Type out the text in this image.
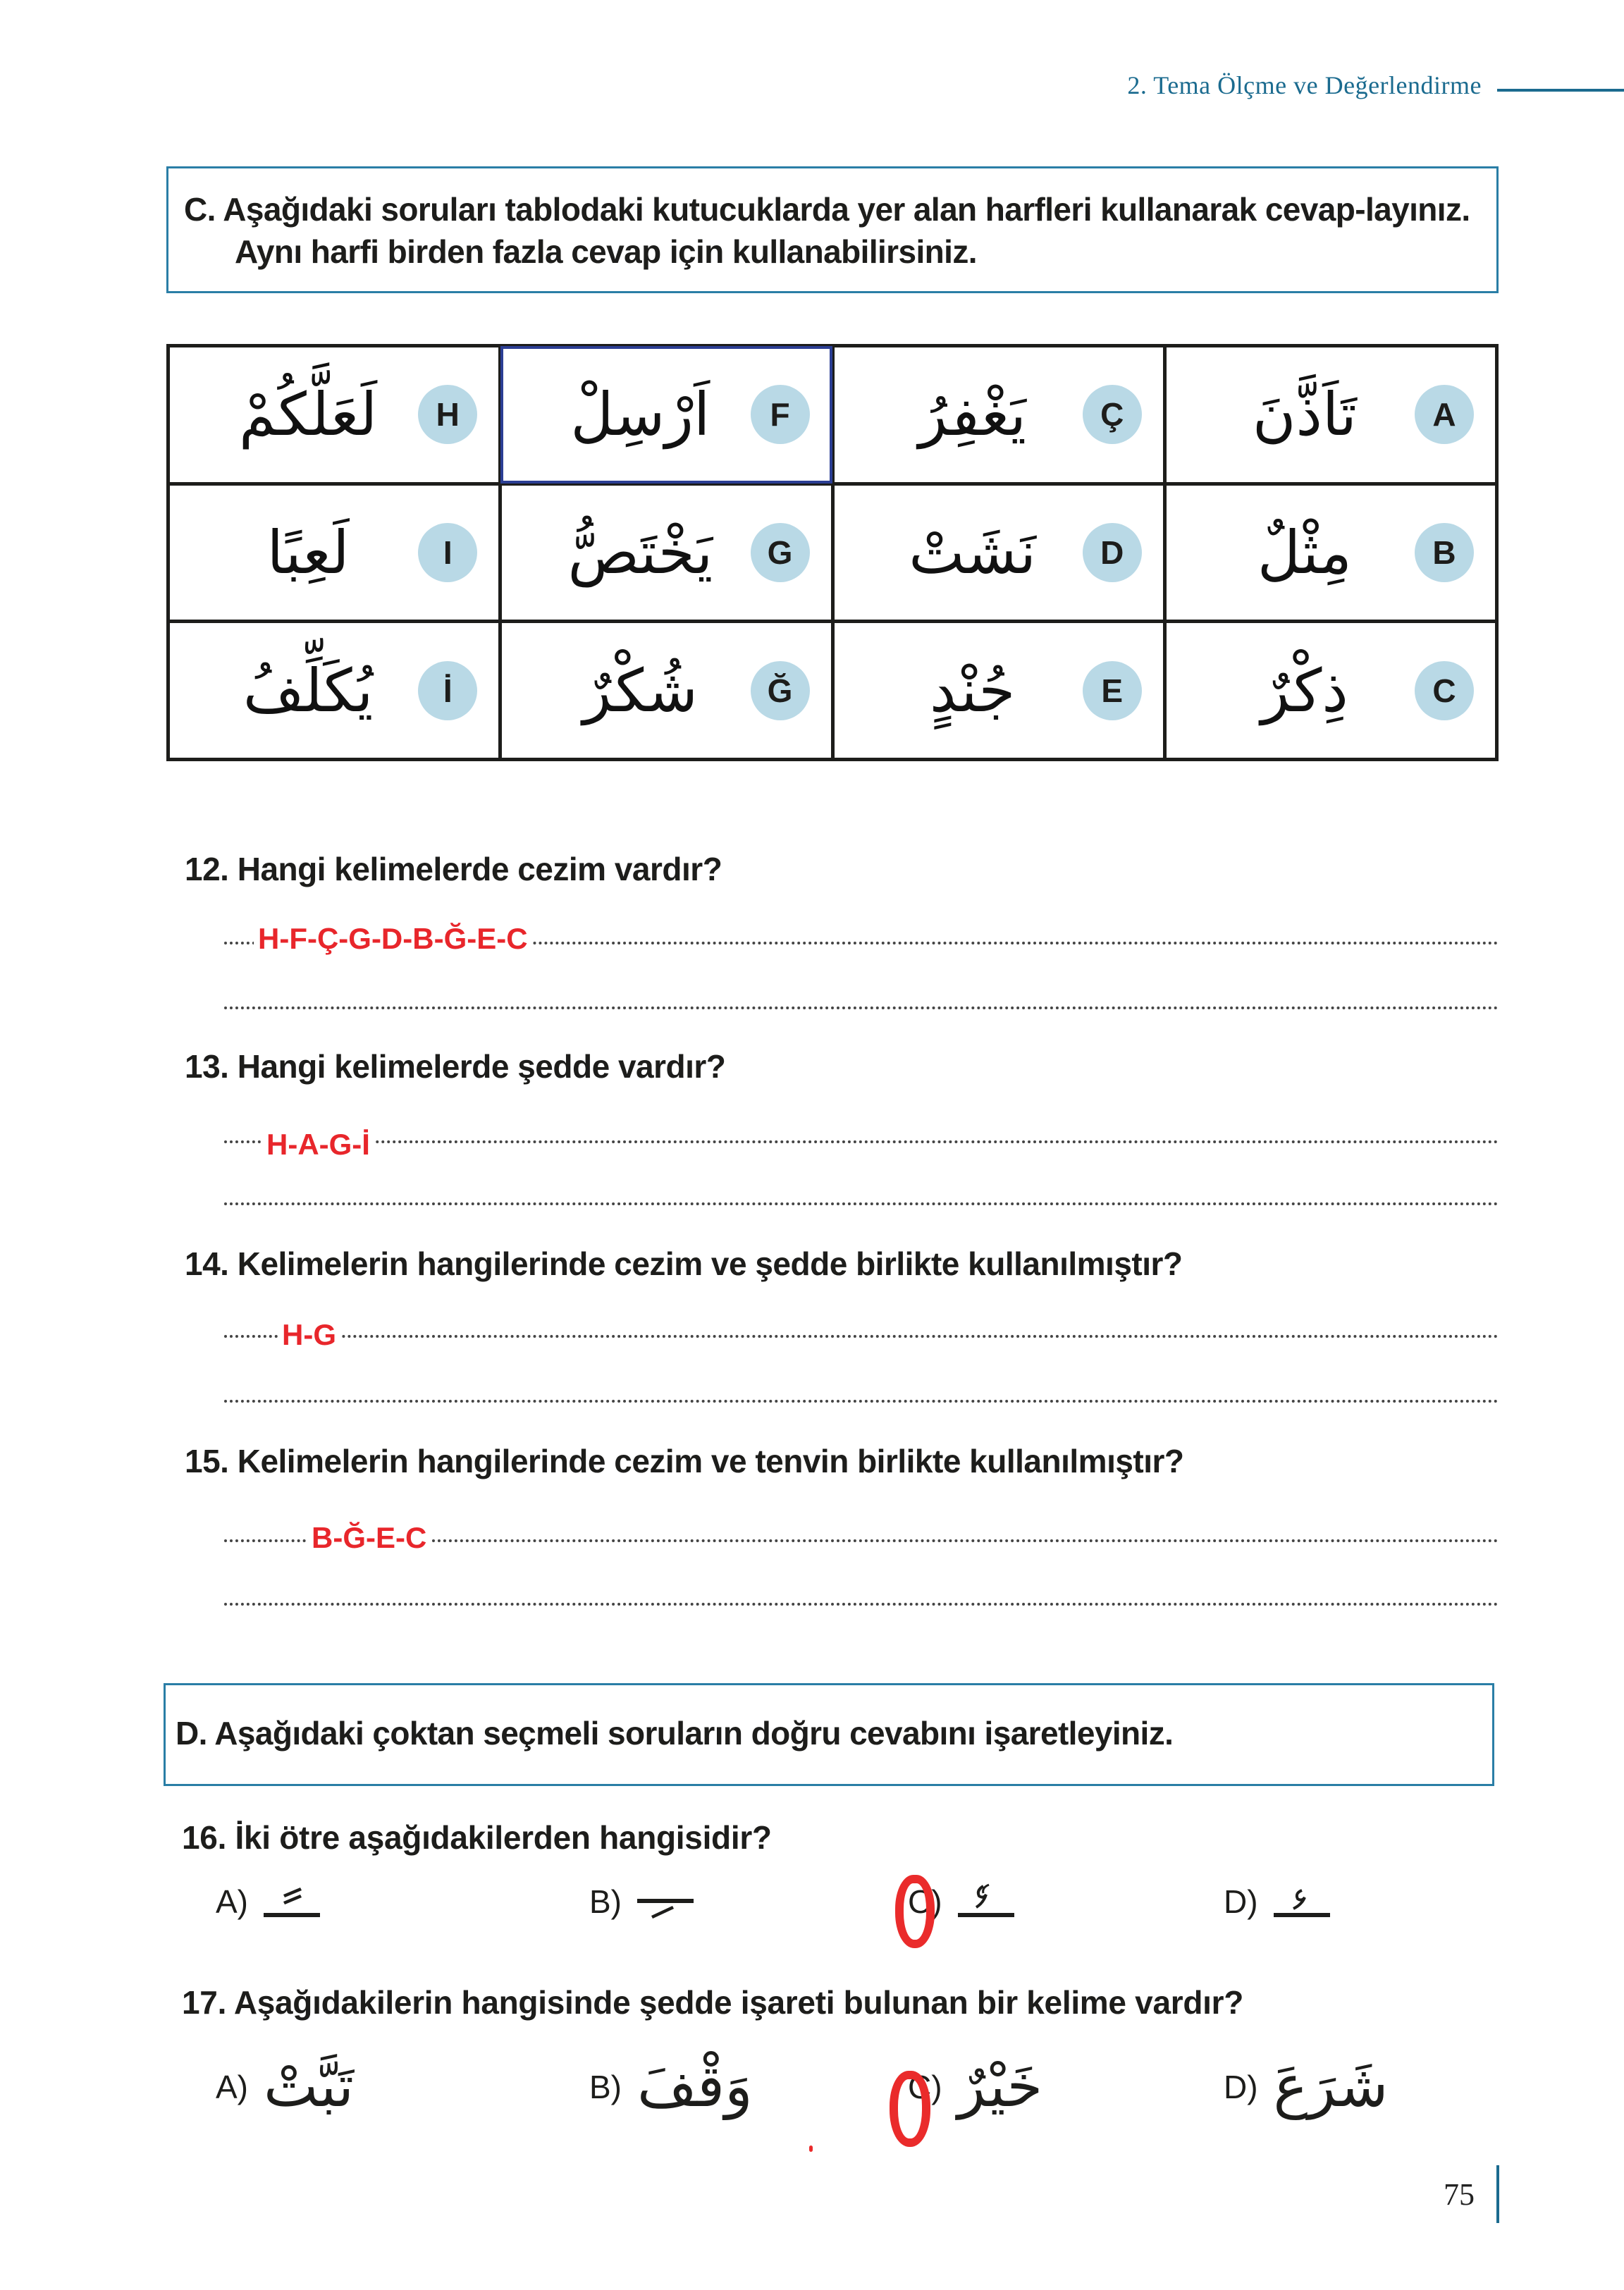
2. Tema Ölçme ve Değerlendirme
C. Aşağıdaki soruları tablodaki kutucuklarda yer alan harfleri kullanarak cevap-layınız. Aynı harfi birden fazla cevap için kullanabilirsiniz.
لَعَلَّكُمْ H	اَرْسِلْ F	يَغْفِرُ Ç	تَاَذَّنَ A

لَعِبًا I	يَخْتَصُّ G	نَشَتْ D	مِثْلٌ B

يُكَلِّفُ İ	شُكْرٌ Ğ	جُنْدٍ E	ذِكْرٌ C
12. Hangi kelimelerde cezim vardır?
H-F-Ç-G-D-B-Ğ-E-C
13. Hangi kelimelerde şedde vardır?
H-A-G-İ
14. Kelimelerin hangilerinde cezim ve şedde birlikte kullanılmıştır?
H-G
15. Kelimelerin hangilerinde cezim ve tenvin birlikte kullanılmıştır?
B-Ğ-E-C
D. Aşağıdaki çoktan seçmeli soruların doğru cevabını işaretleyiniz.
16. İki ötre aşağıdakilerden hangisidir?
A)	B)	C)	D)
17. Aşağıdakilerin hangisinde şedde işareti bulunan bir kelime vardır?
A) تَبَّتْ	B) وَقْفَ	C) خَيْرٌ	D) شَرَعَ
75
